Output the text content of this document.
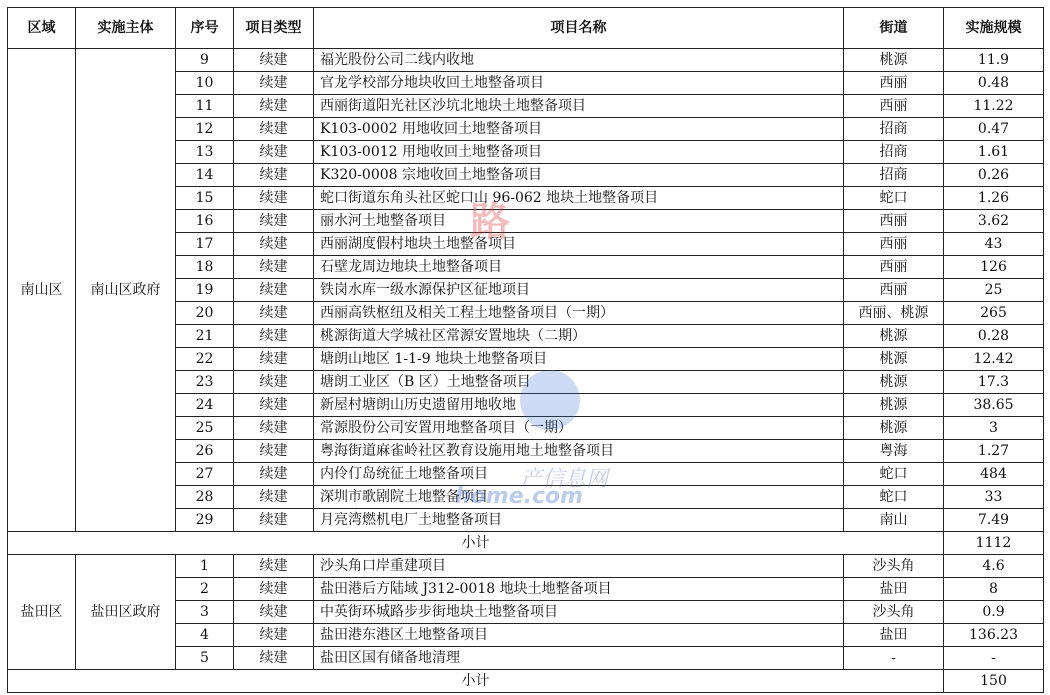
区域	实施主体	序号	项目类型	项目名称	街道	实施规模
南山区	南山区政府	9	续建	福光股份公司二线内收地	桃源	11.9
		10	续建	官龙学校部分地块收回土地整备项目	西丽	0.48
		11	续建	西丽街道阳光社区沙坑北地块土地整备项目	西丽	11.22
		12	续建	K103-0002 用地收回土地整备项目	招商	0.47
		13	续建	K103-0012 用地收回土地整备项目	招商	1.61
		14	续建	K320-0008 宗地收回土地整备项目	招商	0.26
		15	续建	蛇口街道东角头社区蛇口山 96-062 地块土地整备项目	蛇口	1.26
		16	续建	丽水河土地整备项目	西丽	3.62
		17	续建	西丽湖度假村地块土地整备项目	西丽	43
		18	续建	石壁龙周边地块土地整备项目	西丽	126
		19	续建	铁岗水库一级水源保护区征地项目	西丽	25
		20	续建	西丽高铁枢纽及相关工程土地整备项目（一期）	西丽、桃源	265
		21	续建	桃源街道大学城社区常源安置地块（二期）	桃源	0.28
		22	续建	塘朗山地区 1-1-9 地块土地整备项目	桃源	12.42
		23	续建	塘朗工业区（B 区）土地整备项目	桃源	17.3
		24	续建	新屋村塘朗山历史遗留用地收地	桃源	38.65
		25	续建	常源股份公司安置用地整备项目（一期）	桃源	3
		26	续建	粤海街道麻雀岭社区教育设施用地土地整备项目	粤海	1.27
		27	续建	内伶仃岛统征土地整备项目	蛇口	484
		28	续建	深圳市歌剧院土地整备项目	蛇口	33
		29	续建	月亮湾燃机电厂土地整备项目	南山	7.49
小计						1112
盐田区	盐田区政府	1	续建	沙头角口岸重建项目	沙头角	4.6
		2	续建	盐田港后方陆域 J312-0018 地块土地整备项目	盐田	8
		3	续建	中英街环城路步步街地块土地整备项目	沙头角	0.9
		4	续建	盐田港东港区土地整备项目	盐田	136.23
		5	续建	盐田区国有储备地清理	-	-
小计						150
路
产信息网
home.com
